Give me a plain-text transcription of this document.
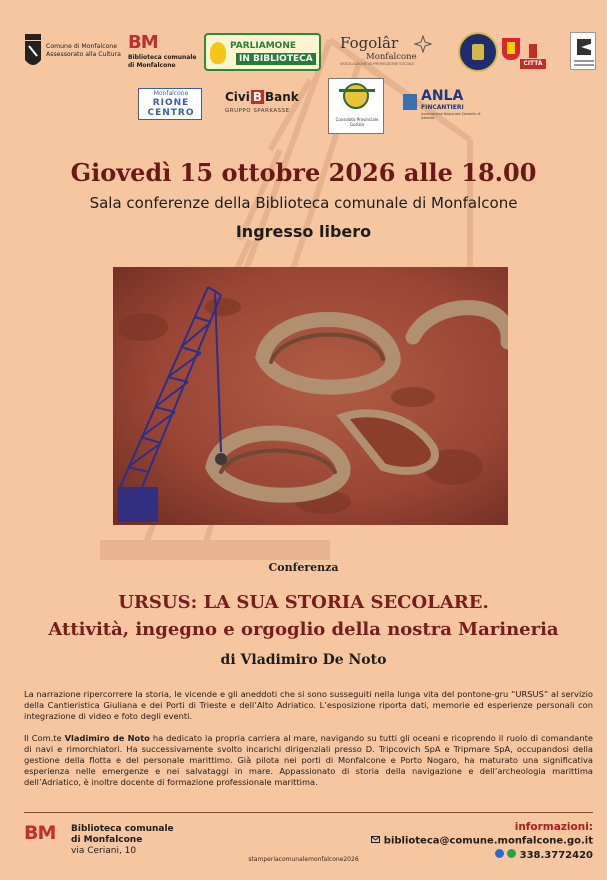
Comune di Monfalcone
Assessorato alla Cultura
BM
Biblioteca comunale
di Monfalcone
PARLIAMONE
IN BIBLIOTECA
Fogolâr
Monfalcone
ASSOCIAZIONE DI PROMOZIONE SOCIALE	CITTÀ
Monfalcone
RIONE
CENTRO
Civi B Bank
GRUPPO SPARKASSE
Consolato Provinciale Gorizia
ANLA
FINCANTIERI
Associazione Nazionale Seniores di Azienda
Giovedì 15 ottobre 2026 alle 18.00
Sala conferenze della Biblioteca comunale di Monfalcone
Ingresso libero
Conferenza
URSUS: LA SUA STORIA SECOLARE.
Attività, ingegno e orgoglio della nostra Marineria
di Vladimiro De Noto
La narrazione ripercorrere la storia, le vicende e gli aneddoti che si sono susseguiti nella lunga vita del pontone-gru “URSUS” al servizio della Cantieristica Giuliana e dei Porti di Trieste e dell’Alto Adriatico. L’esposizione riporta dati, memorie ed esperienze personali con integrazione di video e foto degli eventi.
Il Com.te Vladimiro de Noto ha dedicato la propria carriera al mare, navigando su tutti gli oceani e ricoprendo il ruolo di comandante di navi e rimorchiatori. Ha successivamente svolto incarichi dirigenziali presso D. Tripcovich SpA e Tripmare SpA, occupandosi della gestione della flotta e del personale marittimo. Già pilota nei porti di Monfalcone e Porto Nogaro, ha maturato una significativa esperienza nelle emergenze e nei salvataggi in mare. Appassionato di storia della navigazione e dell’archeologia marittima dell’Adriatico, è inoltre docente di formazione professionale marittima.
BM Biblioteca comunale
di Monfalcone
via Ceriani, 10
informazioni:
biblioteca@comune.monfalcone.go.it
338.3772420
stamperiacomunalemonfalcone2026
